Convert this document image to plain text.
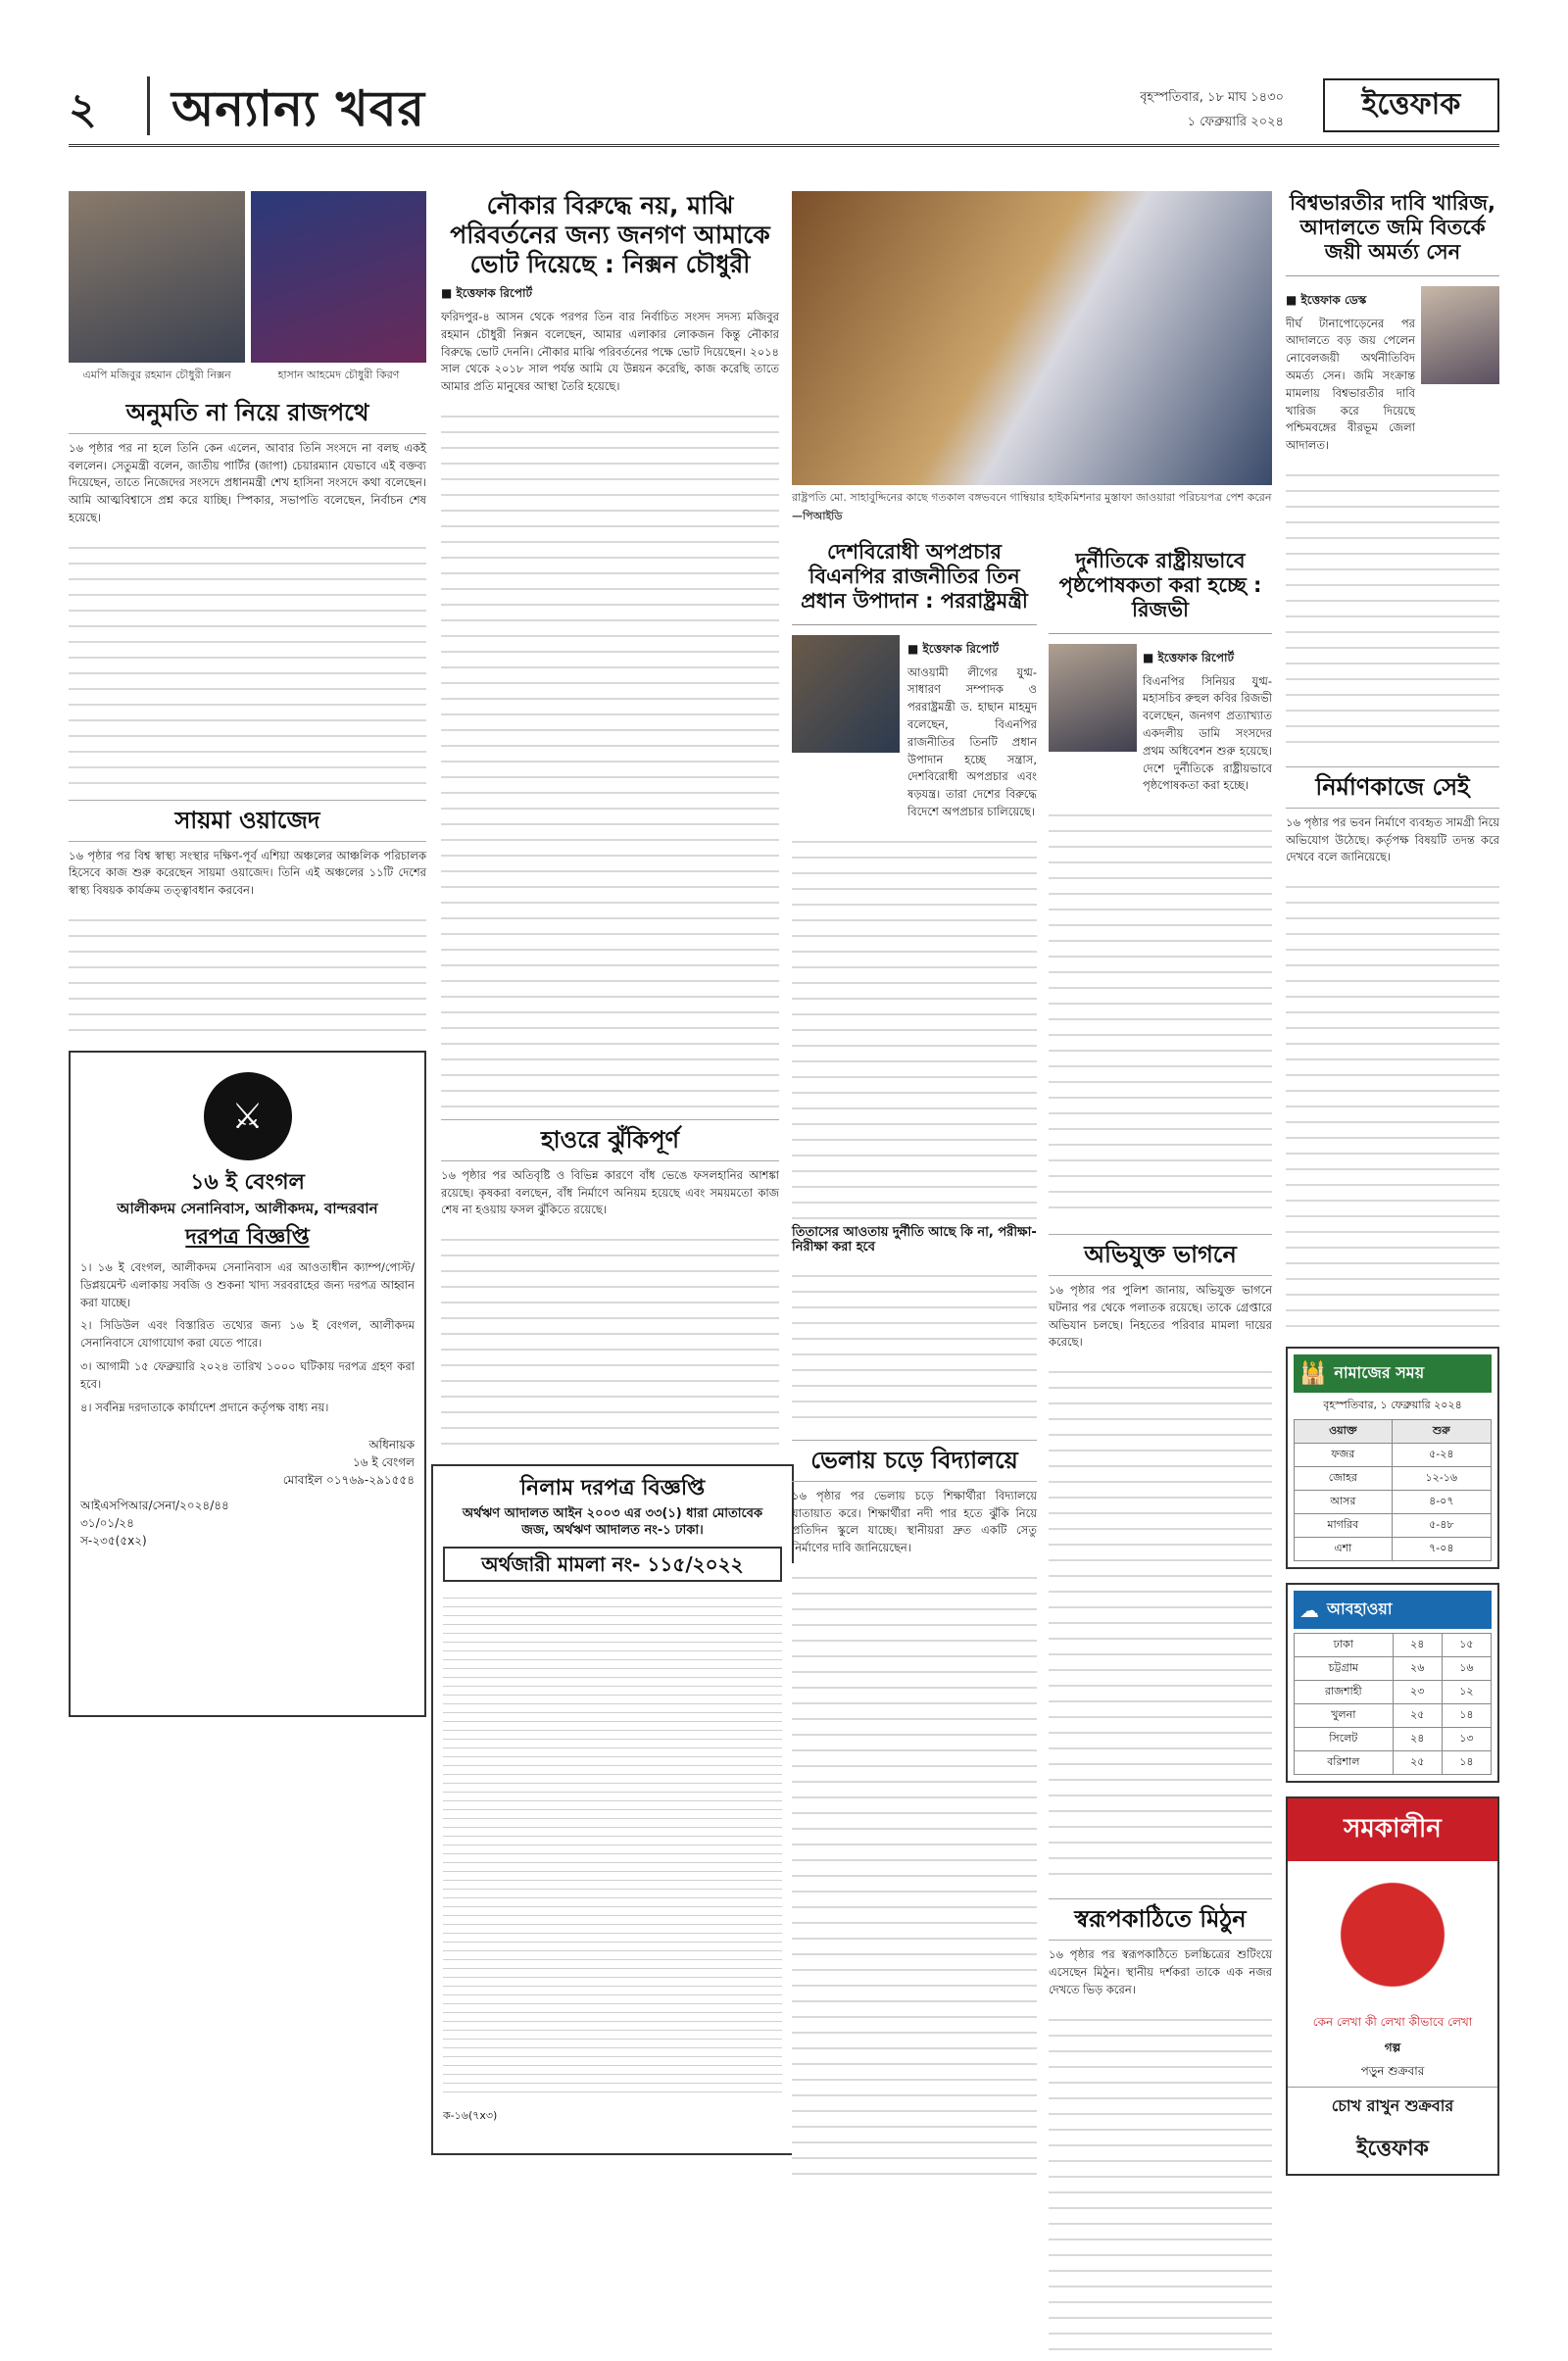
২ অন্যান্য খবর	বৃহস্পতিবার, ১৮ মাঘ ১৪৩০
১ ফেব্রুয়ারি ২০২৪
ইত্তেফাক
এমপি মজিবুর রহমান চৌধুরী নিক্সন	হাসান আহমেদ চৌধুরী কিরণ
অনুমতি না নিয়ে রাজপথে

১৬ পৃষ্ঠার পর না হলে তিনি কেন এলেন, আবার তিনি সংসদে না বলছ একই বললেন। সেতুমন্ত্রী বলেন, জাতীয় পার্টির (জাপা) চেয়ারম্যান যেভাবে এই বক্তব্য দিয়েছেন, তাতে নিজেদের সংসদে প্রধানমন্ত্রী শেখ হাসিনা সংসদে কথা বলেছেন। আমি আত্মবিশ্বাসে প্রশ্ন করে যাচ্ছি। স্পিকার, সভাপতি বলেছেন, নির্বাচন শেষ হয়েছে।

সায়মা ওয়াজেদ

১৬ পৃষ্ঠার পর বিশ্ব স্বাস্থ্য সংস্থার দক্ষিণ-পূর্ব এশিয়া অঞ্চলের আঞ্চলিক পরিচালক হিসেবে কাজ শুরু করেছেন সায়মা ওয়াজেদ। তিনি এই অঞ্চলের ১১টি দেশের স্বাস্থ্য বিষয়ক কার্যক্রম তত্ত্বাবধান করবেন।

⚔
১৬ ই বেংগল
আলীকদম সেনানিবাস, আলীকদম, বান্দরবান
দরপত্র বিজ্ঞপ্তি

১। ১৬ ই বেংগল, আলীকদম সেনানিবাস এর আওতাধীন ক্যাম্প/পোস্ট/ ডিপ্লয়মেন্ট এলাকায় সবজি ও শুকনা খাদ্য সরবরাহের জন্য দরপত্র আহ্বান করা যাচ্ছে।

২। সিডিউল এবং বিস্তারিত তথ্যের জন্য ১৬ ই বেংগল, আলীকদম সেনানিবাসে যোগাযোগ করা যেতে পারে।

৩। আগামী ১৫ ফেব্রুয়ারি ২০২৪ তারিখ ১০০০ ঘটিকায় দরপত্র গ্রহণ করা হবে।

৪। সর্বনিম্ন দরদাতাকে কার্যাদেশ প্রদানে কর্তৃপক্ষ বাধ্য নয়।

অধিনায়ক
১৬ ই বেংগল
মোবাইল ০১৭৬৯-২৯১৫৫৪
আইএসপিআর/সেনা/২০২৪/৪৪
৩১/০১/২৪
স-২৩৫(৫x২)
নৌকার বিরুদ্ধে নয়, মাঝি পরিবর্তনের জন্য জনগণ আমাকে ভোট দিয়েছে : নিক্সন চৌধুরী
■ ইত্তেফাক রিপোর্ট

ফরিদপুর-৪ আসন থেকে পরপর তিন বার নির্বাচিত সংসদ সদস্য মজিবুর রহমান চৌধুরী নিক্সন বলেছেন, আমার এলাকার লোকজন কিন্তু নৌকার বিরুদ্ধে ভোট দেননি। নৌকার মাঝি পরিবর্তনের পক্ষে ভোট দিয়েছেন। ২০১৪ সাল থেকে ২০১৮ সাল পর্যন্ত আমি যে উন্নয়ন করেছি, কাজ করেছি তাতে আমার প্রতি মানুষের আস্থা তৈরি হয়েছে।

হাওরে ঝুঁকিপূর্ণ

১৬ পৃষ্ঠার পর অতিবৃষ্টি ও বিভিন্ন কারণে বাঁধ ভেঙে ফসলহানির আশঙ্কা রয়েছে। কৃষকরা বলছেন, বাঁধ নির্মাণে অনিয়ম হয়েছে এবং সময়মতো কাজ শেষ না হওয়ায় ফসল ঝুঁকিতে রয়েছে।

নিলাম দরপত্র বিজ্ঞপ্তি
অর্থঋণ আদালত আইন ২০০৩ এর ৩৩(১) ধারা মোতাবেক
জজ, অর্থঋণ আদালত নং-১ ঢাকা।
অর্থজারী মামলা নং- ১১৫/২০২২
ক-১৬(৭x৩)
রাষ্ট্রপতি মো. সাহাবুদ্দিনের কাছে গতকাল বঙ্গভবনে গাম্বিয়ার হাইকমিশনার মুস্তাফা জাওয়ারা পরিচয়পত্র পেশ করেন —পিআইডি
দেশবিরোধী অপপ্রচার বিএনপির রাজনীতির তিন প্রধান উপাদান : পররাষ্ট্রমন্ত্রী
■ ইত্তেফাক রিপোর্ট

আওয়ামী লীগের যুগ্ম-সাধারণ সম্পাদক ও পররাষ্ট্রমন্ত্রী ড. হাছান মাহমুদ বলেছেন, বিএনপির রাজনীতির তিনটি প্রধান উপাদান হচ্ছে সন্ত্রাস, দেশবিরোধী অপপ্রচার এবং ষড়যন্ত্র। তারা দেশের বিরুদ্ধে বিদেশে অপপ্রচার চালিয়েছে।

তিতাসের আওতায় দুর্নীতি আছে কি না, পরীক্ষা-নিরীক্ষা করা হবে
ভেলায় চড়ে বিদ্যালয়ে

১৬ পৃষ্ঠার পর ভেলায় চড়ে শিক্ষার্থীরা বিদ্যালয়ে যাতায়াত করে। শিক্ষার্থীরা নদী পার হতে ঝুঁকি নিয়ে প্রতিদিন স্কুলে যাচ্ছে। স্থানীয়রা দ্রুত একটি সেতু নির্মাণের দাবি জানিয়েছেন।

দুর্নীতিকে রাষ্ট্রীয়ভাবে পৃষ্ঠপোষকতা করা হচ্ছে : রিজভী
■ ইত্তেফাক রিপোর্ট

বিএনপির সিনিয়র যুগ্ম-মহাসচিব রুহুল কবির রিজভী বলেছেন, জনগণ প্রত্যাখ্যাত একদলীয় ডামি সংসদের প্রথম অধিবেশন শুরু হয়েছে। দেশে দুর্নীতিকে রাষ্ট্রীয়ভাবে পৃষ্ঠপোষকতা করা হচ্ছে।

অভিযুক্ত ভাগনে

১৬ পৃষ্ঠার পর পুলিশ জানায়, অভিযুক্ত ভাগনে ঘটনার পর থেকে পলাতক রয়েছে। তাকে গ্রেপ্তারে অভিযান চলছে। নিহতের পরিবার মামলা দায়ের করেছে।

স্বরূপকাঠিতে মিঠুন

১৬ পৃষ্ঠার পর স্বরূপকাঠিতে চলচ্চিত্রের শুটিংয়ে এসেছেন মিঠুন। স্থানীয় দর্শকরা তাকে এক নজর দেখতে ভিড় করেন।

বিশ্বভারতীর দাবি খারিজ, আদালতে জমি বিতর্কে জয়ী অমর্ত্য সেন
■ ইত্তেফাক ডেস্ক

দীর্ঘ টানাপোড়েনের পর আদালতে বড় জয় পেলেন নোবেলজয়ী অর্থনীতিবিদ অমর্ত্য সেন। জমি সংক্রান্ত মামলায় বিশ্বভারতীর দাবি খারিজ করে দিয়েছে পশ্চিমবঙ্গের বীরভূম জেলা আদালত।

নির্মাণকাজে সেই

১৬ পৃষ্ঠার পর ভবন নির্মাণে ব্যবহৃত সামগ্রী নিয়ে অভিযোগ উঠেছে। কর্তৃপক্ষ বিষয়টি তদন্ত করে দেখবে বলে জানিয়েছে।

🕌 নামাজের সময়
বৃহস্পতিবার, ১ ফেব্রুয়ারি ২০২৪
ওয়াক্ত	শুরু
ফজর	৫-২৪
জোহর	১২-১৬
আসর	৪-০৭
মাগরিব	৫-৪৮
এশা	৭-০৪
☁ আবহাওয়া
ঢাকা	২৪	১৫
চট্টগ্রাম	২৬	১৬
রাজশাহী	২৩	১২
খুলনা	২৫	১৪
সিলেট	২৪	১৩
বরিশাল	২৫	১৪
সমকালীন
কেন লেখা কী লেখা কীভাবে লেখা
গল্প
পড়ুন শুক্রবার
চোখ রাখুন শুক্রবার
ইত্তেফাক
